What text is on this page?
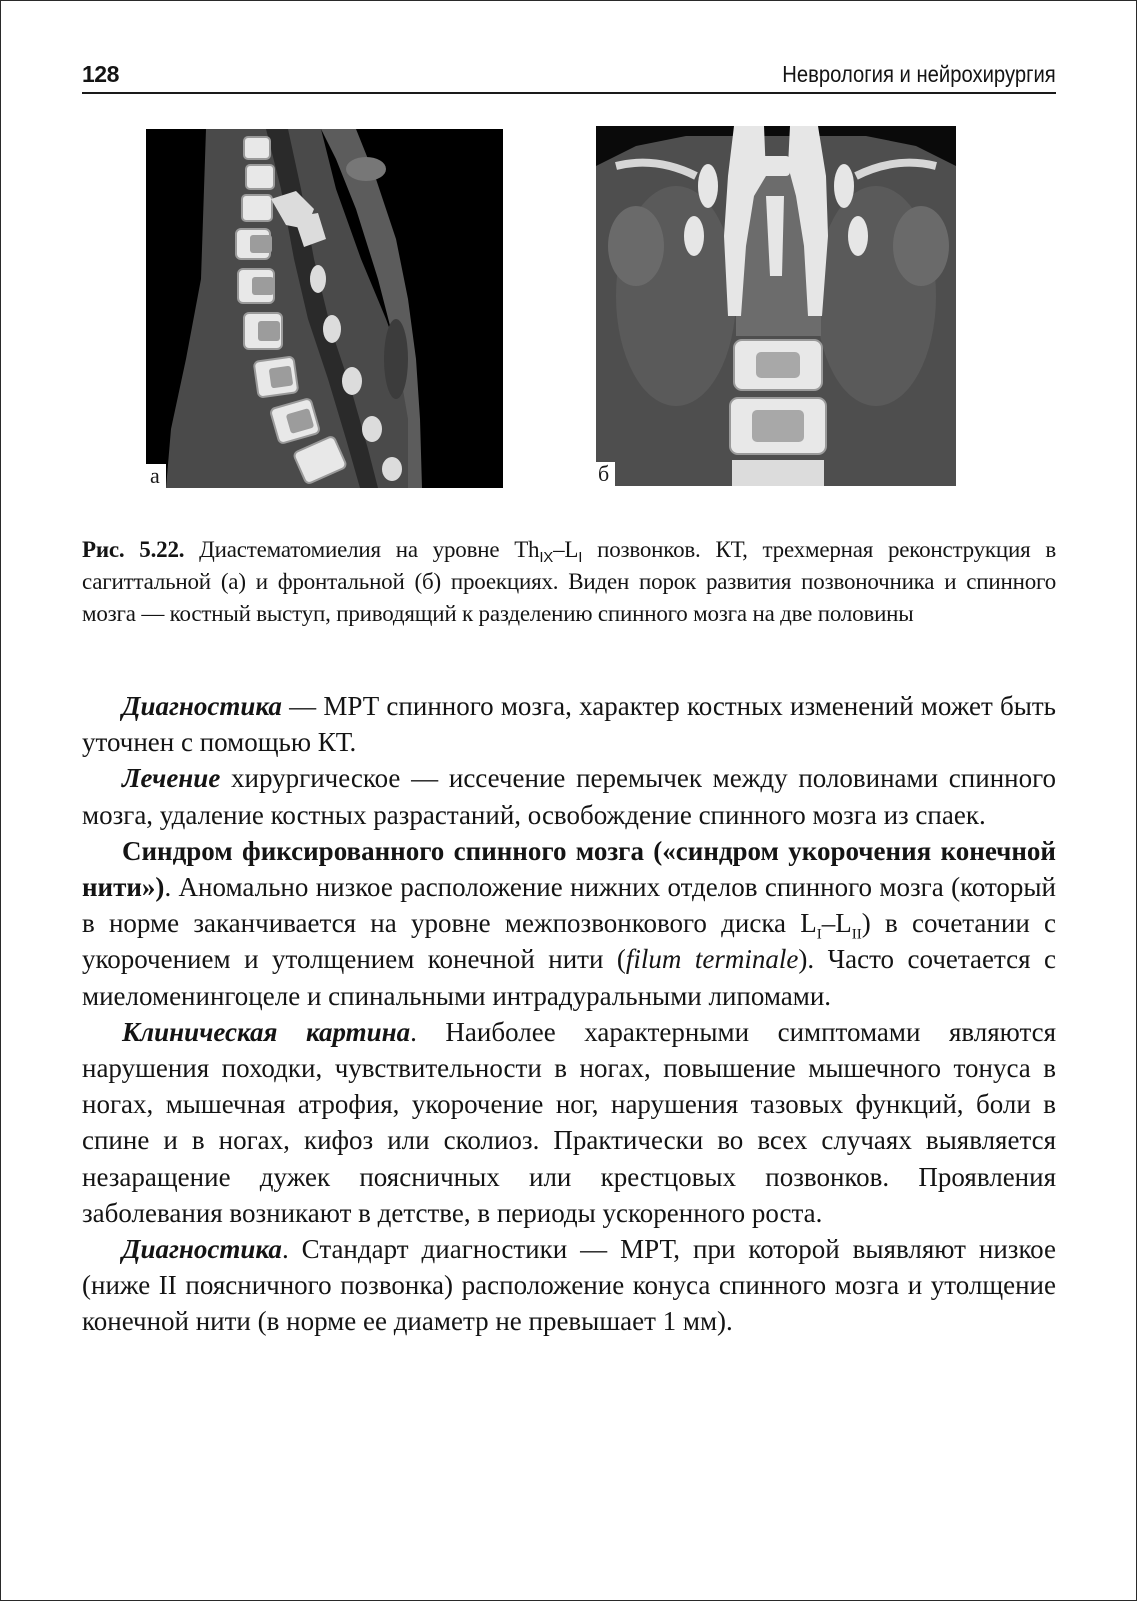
128	Неврология и нейрохирургия
а	б
Рис. 5.22. Диастематомиелия на уровне $Th_{IX}-L_I$ позвонков. КТ, трехмерная реконструкция в сагиттальной (а) и фронтальной (б) проекциях. Виден порок развития позвоночника и спинного мозга — костный выступ, приводящий к разделению спинного мозга на две половины

Диагностика — МРТ спинного мозга, характер костных изменений может быть уточнен с помощью КТ.

Лечение хирургическое — иссечение перемычек между половинами спинного мозга, удаление костных разрастаний, освобождение спинного мозга из спаек.

Синдром фиксированного спинного мозга («синдром укорочения конечной нити»). Аномально низкое расположение нижних отделов спинного мозга (который в норме заканчивается на уровне межпозвонкового диска $L_I-L_{II}$) в сочетании с укорочением и утолщением конечной нити (filum terminale). Часто сочетается с миеломенингоцеле и спинальными интрадуральными липомами.

Клиническая картина. Наиболее характерными симптомами являются нарушения походки, чувствительности в ногах, повышение мышечного тонуса в ногах, мышечная атрофия, укорочение ног, нарушения тазовых функций, боли в спине и в ногах, кифоз или сколиоз. Практически во всех случаях выявляется незаращение дужек поясничных или крестцовых позвонков. Проявления заболевания возникают в детстве, в периоды ускоренного роста.

Диагностика. Стандарт диагностики — МРТ, при которой выявляют низкое (ниже II поясничного позвонка) расположение конуса спинного мозга и утолщение конечной нити (в норме ее диаметр не превышает 1 мм).
